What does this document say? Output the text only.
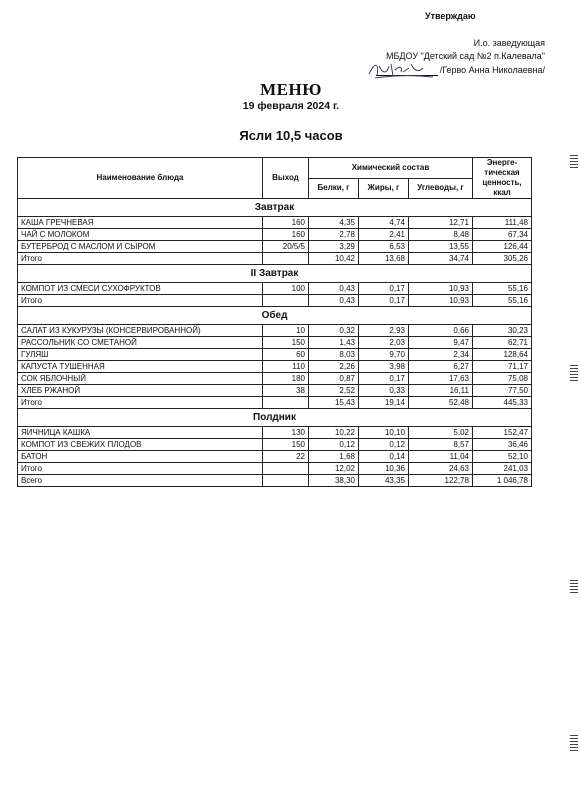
Утверждаю
И.о. заведующая
МБДОУ "Детский сад №2 п.Калевала"
/Герво Анна Николаевна/
МЕНЮ
19 февраля 2024 г.
Ясли 10,5 часов
Наименование блюда	Выход	Химический состав			Энерге-тическая ценность, ккал
		Белки, г	Жиры, г	Углеводы, г	
Завтрак					
КАША ГРЕЧНЕВАЯ	160	4,35	4,74	12,71	111,48
ЧАЙ С МОЛОКОМ	160	2,78	2,41	8,48	67,34
БУТЕРБРОД С МАСЛОМ И СЫРОМ	20/5/5	3,29	6,53	13,55	126,44
Итого		10,42	13,68	34,74	305,26
II Завтрак					
КОМПОТ ИЗ СМЕСИ СУХОФРУКТОВ	100	0,43	0,17	10,93	55,16
Итого		0,43	0,17	10,93	55,16
Обед					
САЛАТ ИЗ КУКУРУЗЫ (КОНСЕРВИРОВАННОЙ)	10	0,32	2,93	0,66	30,23
РАССОЛЬНИК СО СМЕТАНОЙ	150	1,43	2,03	9,47	62,71
ГУЛЯШ	60	8,03	9,70	2,34	128,64
КАПУСТА ТУШЕННАЯ	110	2,26	3,98	6,27	71,17
СОК ЯБЛОЧНЫЙ	180	0,87	0,17	17,63	75,08
ХЛЕБ РЖАНОЙ	38	2,52	0,33	16,11	77,50
Итого		15,43	19,14	52,48	445,33
Полдник					
ЯИЧНИЦА КАШКА	130	10,22	10,10	5,02	152,47
КОМПОТ ИЗ СВЕЖИХ ПЛОДОВ	150	0,12	0,12	8,57	36,46
БАТОН	22	1,68	0,14	11,04	52,10
Итого		12,02	10,36	24,63	241,03
Всего		38,30	43,35	122,78	1 046,78
